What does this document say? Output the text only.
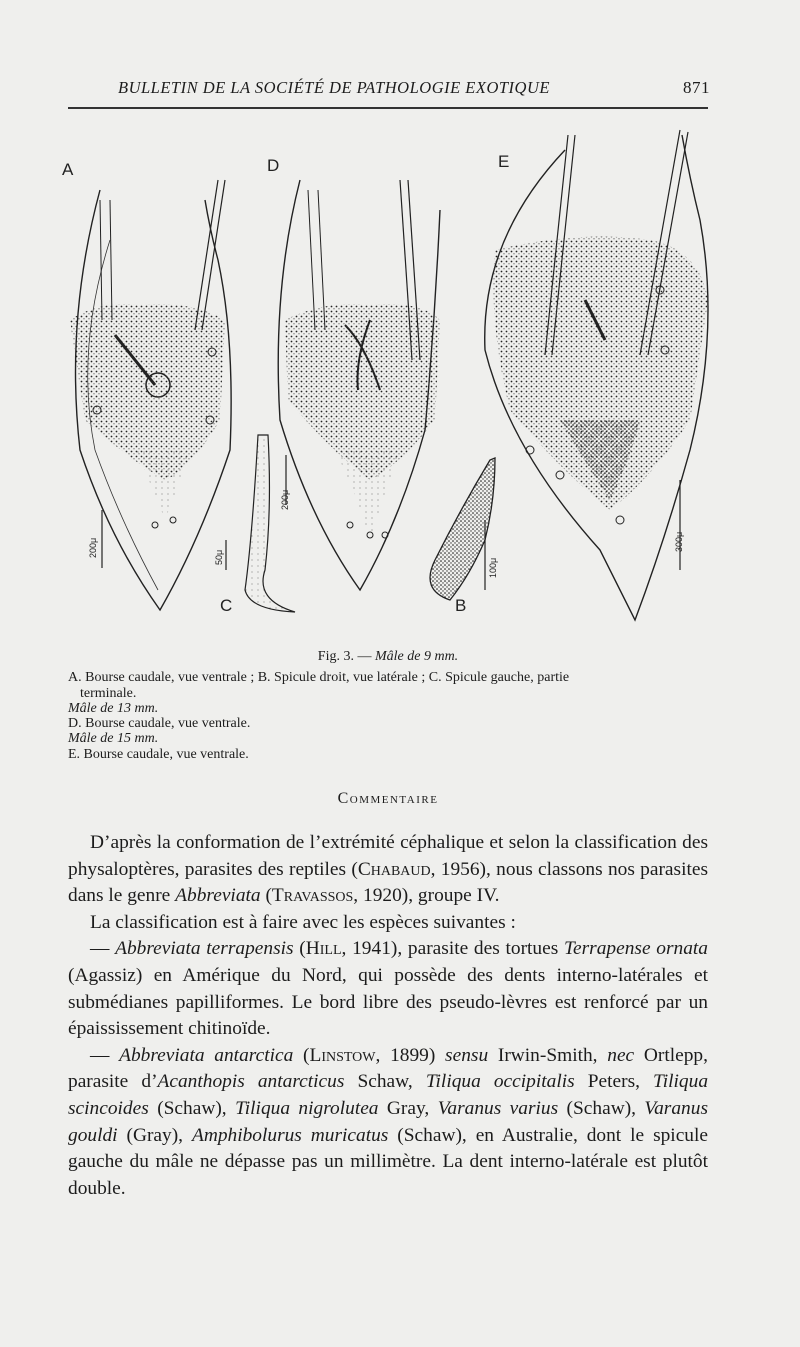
BULLETIN DE LA SOCIÉTÉ DE PATHOLOGIE EXOTIQUE	871
A	D	E
C	B
200μ	50μ
200μ
100μ
300μ
Fig. 3. — Mâle de 9 mm.
A. Bourse caudale, vue ventrale ; B. Spicule droit, vue latérale ; C. Spicule gauche, partie
terminale.
Mâle de 13 mm.
D. Bourse caudale, vue ventrale.
Mâle de 15 mm.
E. Bourse caudale, vue ventrale.
Commentaire

D’après la conformation de l’extrémité céphalique et selon la classification des physaloptères, parasites des reptiles (Chabaud, 1956), nous classons nos parasites dans le genre Abbreviata (Travassos, 1920), groupe IV.

La classification est à faire avec les espèces suivantes :

— Abbreviata terrapensis (Hill, 1941), parasite des tortues Terrapense ornata (Agassiz) en Amérique du Nord, qui possède des dents interno-latérales et submédianes papilliformes. Le bord libre des pseudo-lèvres est renforcé par un épaississement chitinoïde.

— Abbreviata antarctica (Linstow, 1899) sensu Irwin-Smith, nec Ortlepp, parasite d’Acanthopis antarcticus Schaw, Tiliqua occipitalis Peters, Tiliqua scincoides (Schaw), Tiliqua nigrolutea Gray, Varanus varius (Schaw), Varanus gouldi (Gray), Amphibolurus muricatus (Schaw), en Australie, dont le spicule gauche du mâle ne dépasse pas un millimètre. La dent interno-latérale est plutôt double.
